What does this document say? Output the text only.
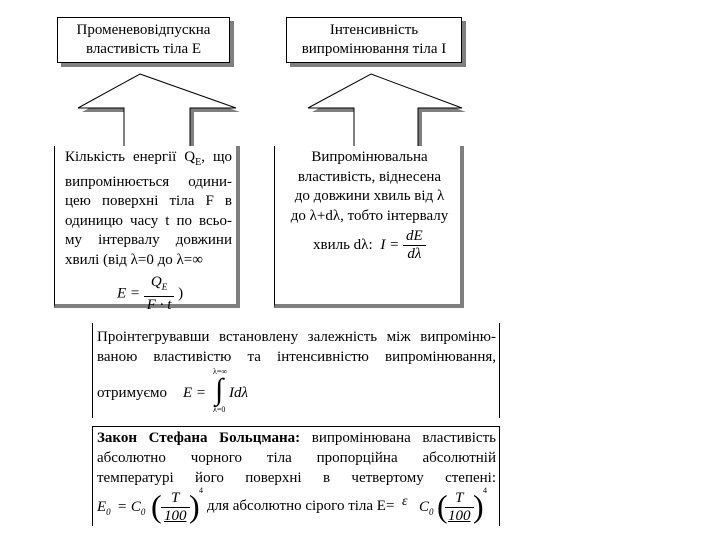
Променевовідпускна
властивість тіла Е
Інтенсивність
випромінювання тіла І
Кількість енергії $Q_E$, що
випромінюється одини-
цею поверхні тіла F в
одиницю часу t по всьо-
му інтервалу довжини
хвилі (від λ=0 до λ=∞
$E = \frac{Q_E}{F \cdot t}$ )
Випромінювальна
властивість, віднесена
до довжини хвиль від λ
до λ+dλ, тобто інтервалу
хвиль dλ: $I = \frac{dE}{d\lambda}$
Проінтегрувавши встановлену залежність між випроміню-
ваною властивістю та інтенсивністю випромінювання,
отримуємо E =
λ=∞
∫
λ=0
Idλ
Закон Стефана Больцмана: випромінювана властивість
абсолютно чорного тіла пропорційна абсолютній
температурі його поверхні в четвертому степені:
$E_0 = C_0$ ( $\frac{T}{100}$ ) 4
для абсолютно сірого тіла E= ε $C_0$ (
$\frac{T}{100}$ ) 4
